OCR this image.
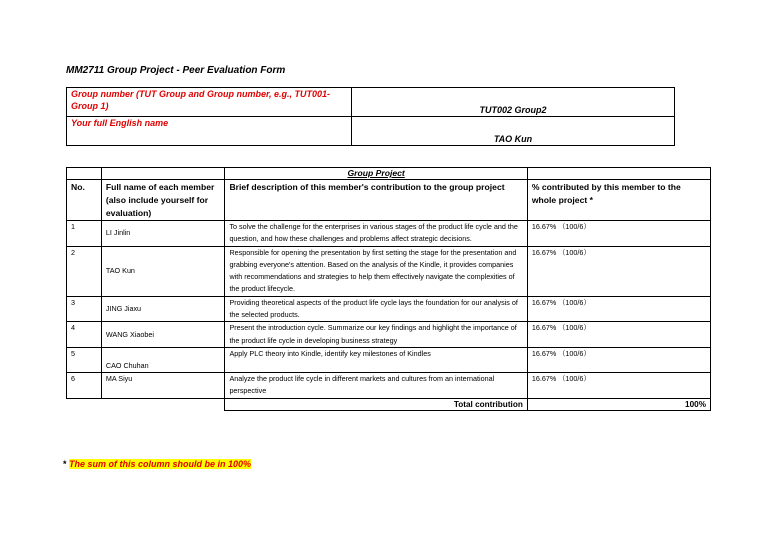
MM2711 Group Project - Peer Evaluation Form
Group number (TUT Group and Group number, e.g., TUT001-Group 1)	TUT002 Group2
Your full English name	TAO Kun
		Group Project	
No.	Full name of each member (also include yourself for evaluation)	Brief description of this member's contribution to the group project	% contributed by this member to the whole project *
1	LI Jinlin	To solve the challenge for the enterprises in various stages of the product life cycle and the question, and how these challenges and problems affect strategic decisions.	16.67% （100/6）
2	TAO Kun	Responsible for opening the presentation by first setting the stage for the presentation and grabbing everyone's attention. Based on the analysis of the Kindle, it provides companies with recommendations and strategies to help them effectively navigate the complexities of the product lifecycle.	16.67% （100/6）
3	JING Jiaxu	Providing theoretical aspects of the product life cycle lays the foundation for our analysis of the selected products.	16.67% （100/6）
4	WANG Xiaobei	Present the introduction cycle. Summarize our key findings and highlight the importance of the product life cycle in developing business strategy	16.67% （100/6）
5	CAO Chuhan	Apply PLC theory into Kindle, identify key milestones of Kindles	16.67% （100/6）
6	MA Siyu	Analyze the product life cycle in different markets and cultures from an international perspective	16.67% （100/6）
		Total contribution	100%
* The sum of this column should be in 100%
